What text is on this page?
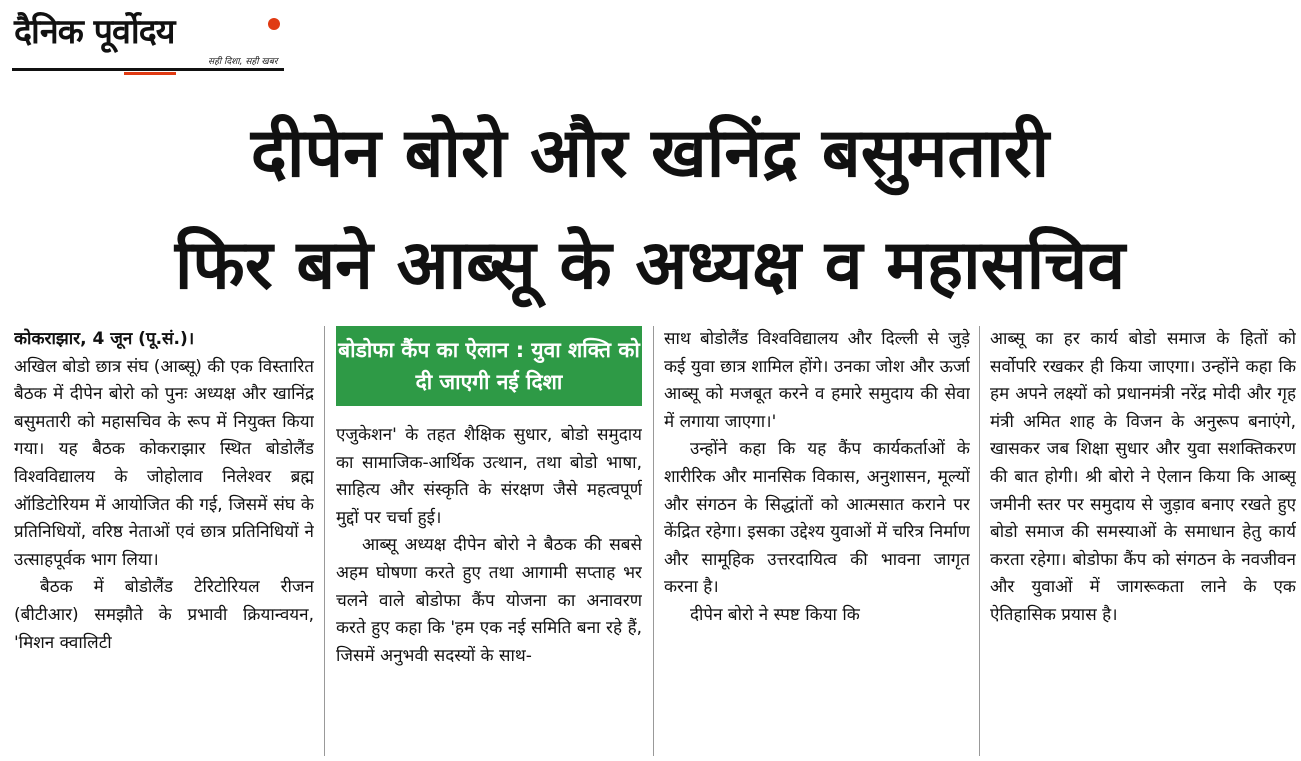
दैनिक पूर्वोदय
सही दिशा, सही खबर
दीपेन बोरो और खनिंद्र बसुमतारी
फिर बने आब्सू के अध्यक्ष व महासचिव

कोकराझार, 4 जून (पू.सं.)।

अखिल बोडो छात्र संघ (आब्सू) की एक विस्तारित बैठक में दीपेन बोरो को पुनः अध्यक्ष और खानिंद्र बसुमतारी को महासचिव के रूप में नियुक्त किया गया। यह बैठक कोकराझार स्थित बोडोलैंड विश्वविद्यालय के जोहोलाव निलेश्वर ब्रह्म ऑडिटोरियम में आयोजित की गई, जिसमें संघ के प्रतिनिधियों, वरिष्ठ नेताओं एवं छात्र प्रतिनिधियों ने उत्साहपूर्वक भाग लिया।

बैठक में बोडोलैंड टेरिटोरियल रीजन (बीटीआर) समझौते के प्रभावी क्रियान्वयन, 'मिशन क्वालिटी

बोडोफा कैंप का ऐलान : युवा शक्ति को दी जाएगी नई दिशा

एजुकेशन' के तहत शैक्षिक सुधार, बोडो समुदाय का सामाजिक-आर्थिक उत्थान, तथा बोडो भाषा, साहित्य और संस्कृति के संरक्षण जैसे महत्वपूर्ण मुद्दों पर चर्चा हुई।

आब्सू अध्यक्ष दीपेन बोरो ने बैठक की सबसे अहम घोषणा करते हुए तथा आगामी सप्ताह भर चलने वाले बोडोफा कैंप योजना का अनावरण करते हुए कहा कि 'हम एक नई समिति बना रहे हैं, जिसमें अनुभवी सदस्यों के साथ-

साथ बोडोलैंड विश्वविद्यालय और दिल्ली से जुड़े कई युवा छात्र शामिल होंगे। उनका जोश और ऊर्जा आब्सू को मजबूत करने व हमारे समुदाय की सेवा में लगाया जाएगा।'

उन्होंने कहा कि यह कैंप कार्यकर्ताओं के शारीरिक और मानसिक विकास, अनुशासन, मूल्यों और संगठन के सिद्धांतों को आत्मसात कराने पर केंद्रित रहेगा। इसका उद्देश्य युवाओं में चरित्र निर्माण और सामूहिक उत्तरदायित्व की भावना जागृत करना है।

दीपेन बोरो ने स्पष्ट किया कि

आब्सू का हर कार्य बोडो समाज के हितों को सर्वोपरि रखकर ही किया जाएगा। उन्होंने कहा कि हम अपने लक्ष्यों को प्रधानमंत्री नरेंद्र मोदी और गृह मंत्री अमित शाह के विजन के अनुरूप बनाएंगे, खासकर जब शिक्षा सुधार और युवा सशक्तिकरण की बात होगी। श्री बोरो ने ऐलान किया कि आब्सू जमीनी स्तर पर समुदाय से जुड़ाव बनाए रखते हुए बोडो समाज की समस्याओं के समाधान हेतु कार्य करता रहेगा। बोडोफा कैंप को संगठन के नवजीवन और युवाओं में जागरूकता लाने के एक ऐतिहासिक प्रयास है।
